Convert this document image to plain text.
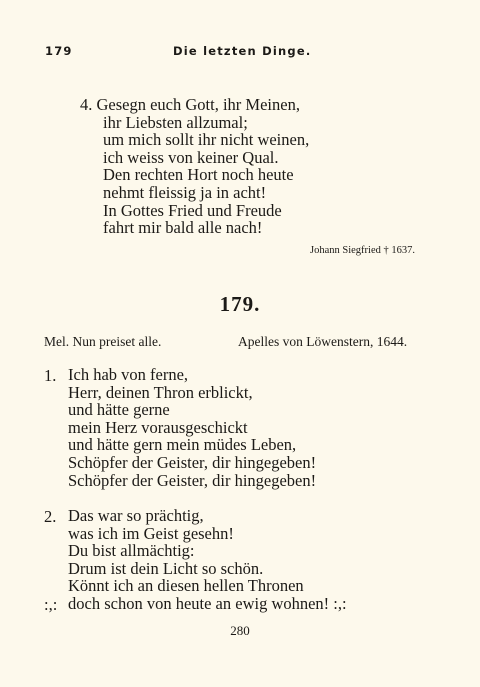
179	Die letzten Dinge.
4. Gesegn euch Gott, ihr Meinen,
ihr Liebsten allzumal;
um mich sollt ihr nicht weinen,
ich weiss von keiner Qual.
Den rechten Hort noch heute
nehmt fleissig ja in acht!
In Gottes Fried und Freude
fahrt mir bald alle nach!
Johann Siegfried † 1637.
179.
Mel. Nun preiset alle.	Apelles von Löwenstern, 1644.
1. Ich hab von ferne,
Herr, deinen Thron erblickt,
und hätte gerne
mein Herz vorausgeschickt
und hätte gern mein müdes Leben,
Schöpfer der Geister, dir hingegeben!
Schöpfer der Geister, dir hingegeben!
2. Das war so prächtig,
was ich im Geist gesehn!
Du bist allmächtig:
Drum ist dein Licht so schön.
Könnt ich an diesen hellen Thronen
doch schon von heute an ewig wohnen! :,:
:,:
280
